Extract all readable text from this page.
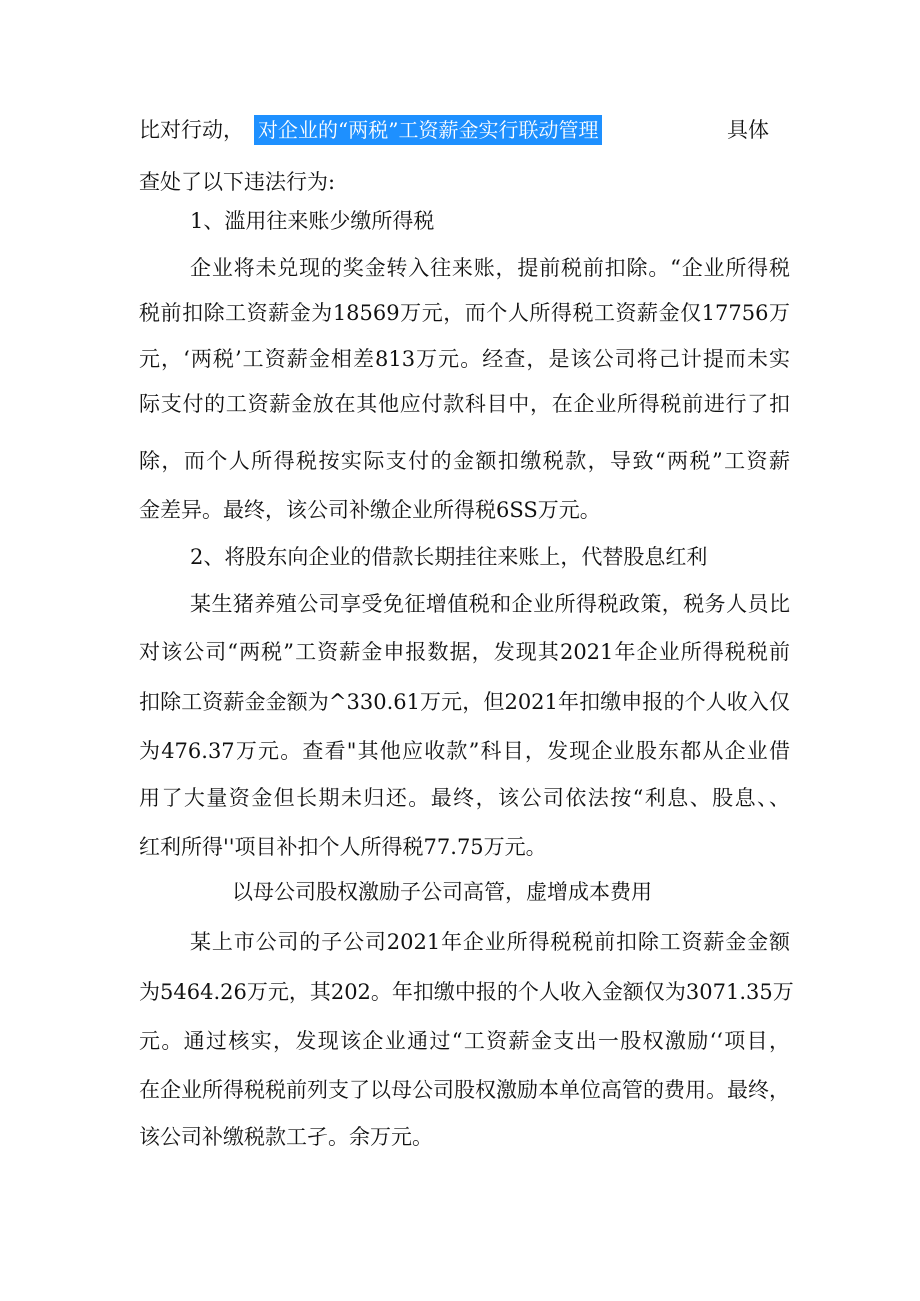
比对行动， 对企业的“两税”工资薪金实行联动管理	具体
查处了以下违法行为:
1、滥用往来账少缴所得税
企业将未兑现的奖金转入往来账，提前税前扣除。“企业所得税
税前扣除工资薪金为18569万元，而个人所得税工资薪金仅17756万
元，‘两税’工资薪金相差813万元。经查，是该公司将己计提而未实
际支付的工资薪金放在其他应付款科目中，在企业所得税前进行了扣
除，而个人所得税按实际支付的金额扣缴税款，导致“两税”工资薪
金差异。最终，该公司补缴企业所得税6SS万元。
2、将股东向企业的借款长期挂往来账上，代替股息红利
某生猪养殖公司享受免征增值税和企业所得税政策，税务人员比
对该公司“两税”工资薪金申报数据，发现其2021年企业所得税税前
扣除工资薪金金额为^330.61万元，但2021年扣缴申报的个人收入仅
为476.37万元。查看"其他应收款”科目，发现企业股东都从企业借
用了大量资金但长期未归还。最终，该公司依法按“利息、股息、、
红利所得''项目补扣个人所得税77.75万元。
以母公司股权激励子公司高管，虚增成本费用
某上市公司的子公司2021年企业所得税税前扣除工资薪金金额
为5464.26万元，其202。年扣缴中报的个人收入金额仅为3071.35万
元。通过核实，发现该企业通过“工资薪金支出一股权激励‘‘项目，
在企业所得税税前列支了以母公司股权激励本单位高管的费用。最终，
该公司补缴税款工孑。余万元。
